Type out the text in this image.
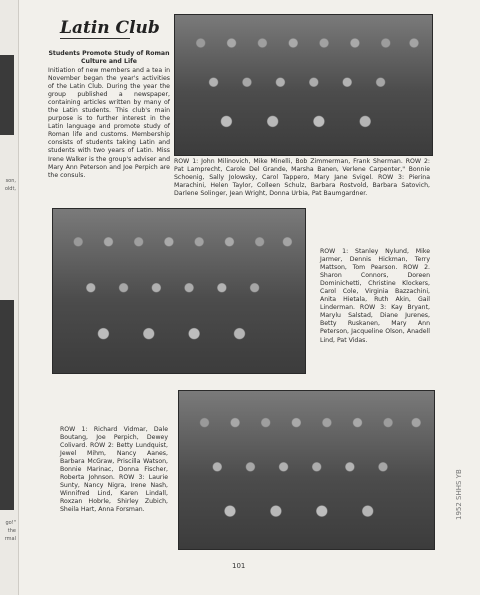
son,
oldt,
go!"
the
rmal
Latin Club
Students Promote Study of Roman Culture and Life
Initiation of new members and a tea in November began the year's activities of the Latin Club. During the year the group published a newspaper, containing articles written by many of the Latin students. This club's main purpose is to further interest in the Latin language and promote study of Roman life and customs. Membership consists of students taking Latin and students with two years of Latin. Miss Irene Walker is the group's adviser and Mary Ann Peterson and Joe Perpich are the consuls.
ROW 1: John Milinovich, Mike Minelli, Bob Zimmerman, Frank Sherman. ROW 2: Pat Lamprecht, Carole Del Grande, Marsha Banen, Verlene Carpenter," Bonnie Schoenig, Sally Jolowsky, Carol Tappero, Mary Jane Svigel. ROW 3: Pierina Marachini, Helen Taylor, Colleen Schulz, Barbara Rostvold, Barbara Satovich, Darlene Solinger, Jean Wright, Donna Urbia, Pat Baumgardner.
ROW 1: Stanley Nylund, Mike Jarmer, Dennis Hickman, Terry Mattson, Tom Pearson. ROW 2. Sharon Connors, Doreen Dominichetti, Christine Klockers, Carol Cole, Virginia Bazzachini, Anita Hietala, Ruth Akin, Gail Linderman. ROW 3: Kay Bryant, Marylu Salstad, Diane Jurenes, Betty Ruskanen, Mary Ann Peterson, Jacqueline Olson, Anadell Lind, Pat Vidas.
ROW 1: Richard Vidmar, Dale Boutang, Joe Perpich, Dewey Colivard. ROW 2: Betty Lundquist, Jewel Mihm, Nancy Aanes, Barbara McGraw, Priscilla Watson, Bonnie Marinac, Donna Fischer, Roberta Johnson. ROW 3: Laurie Sunty, Nancy Nigra, Irene Nash, Winnifred Lind, Karen Lindall, Roxzan Hobrle, Shirley Zubich, Sheila Hart, Anna Forsman.
101
1952 SHHS YB
